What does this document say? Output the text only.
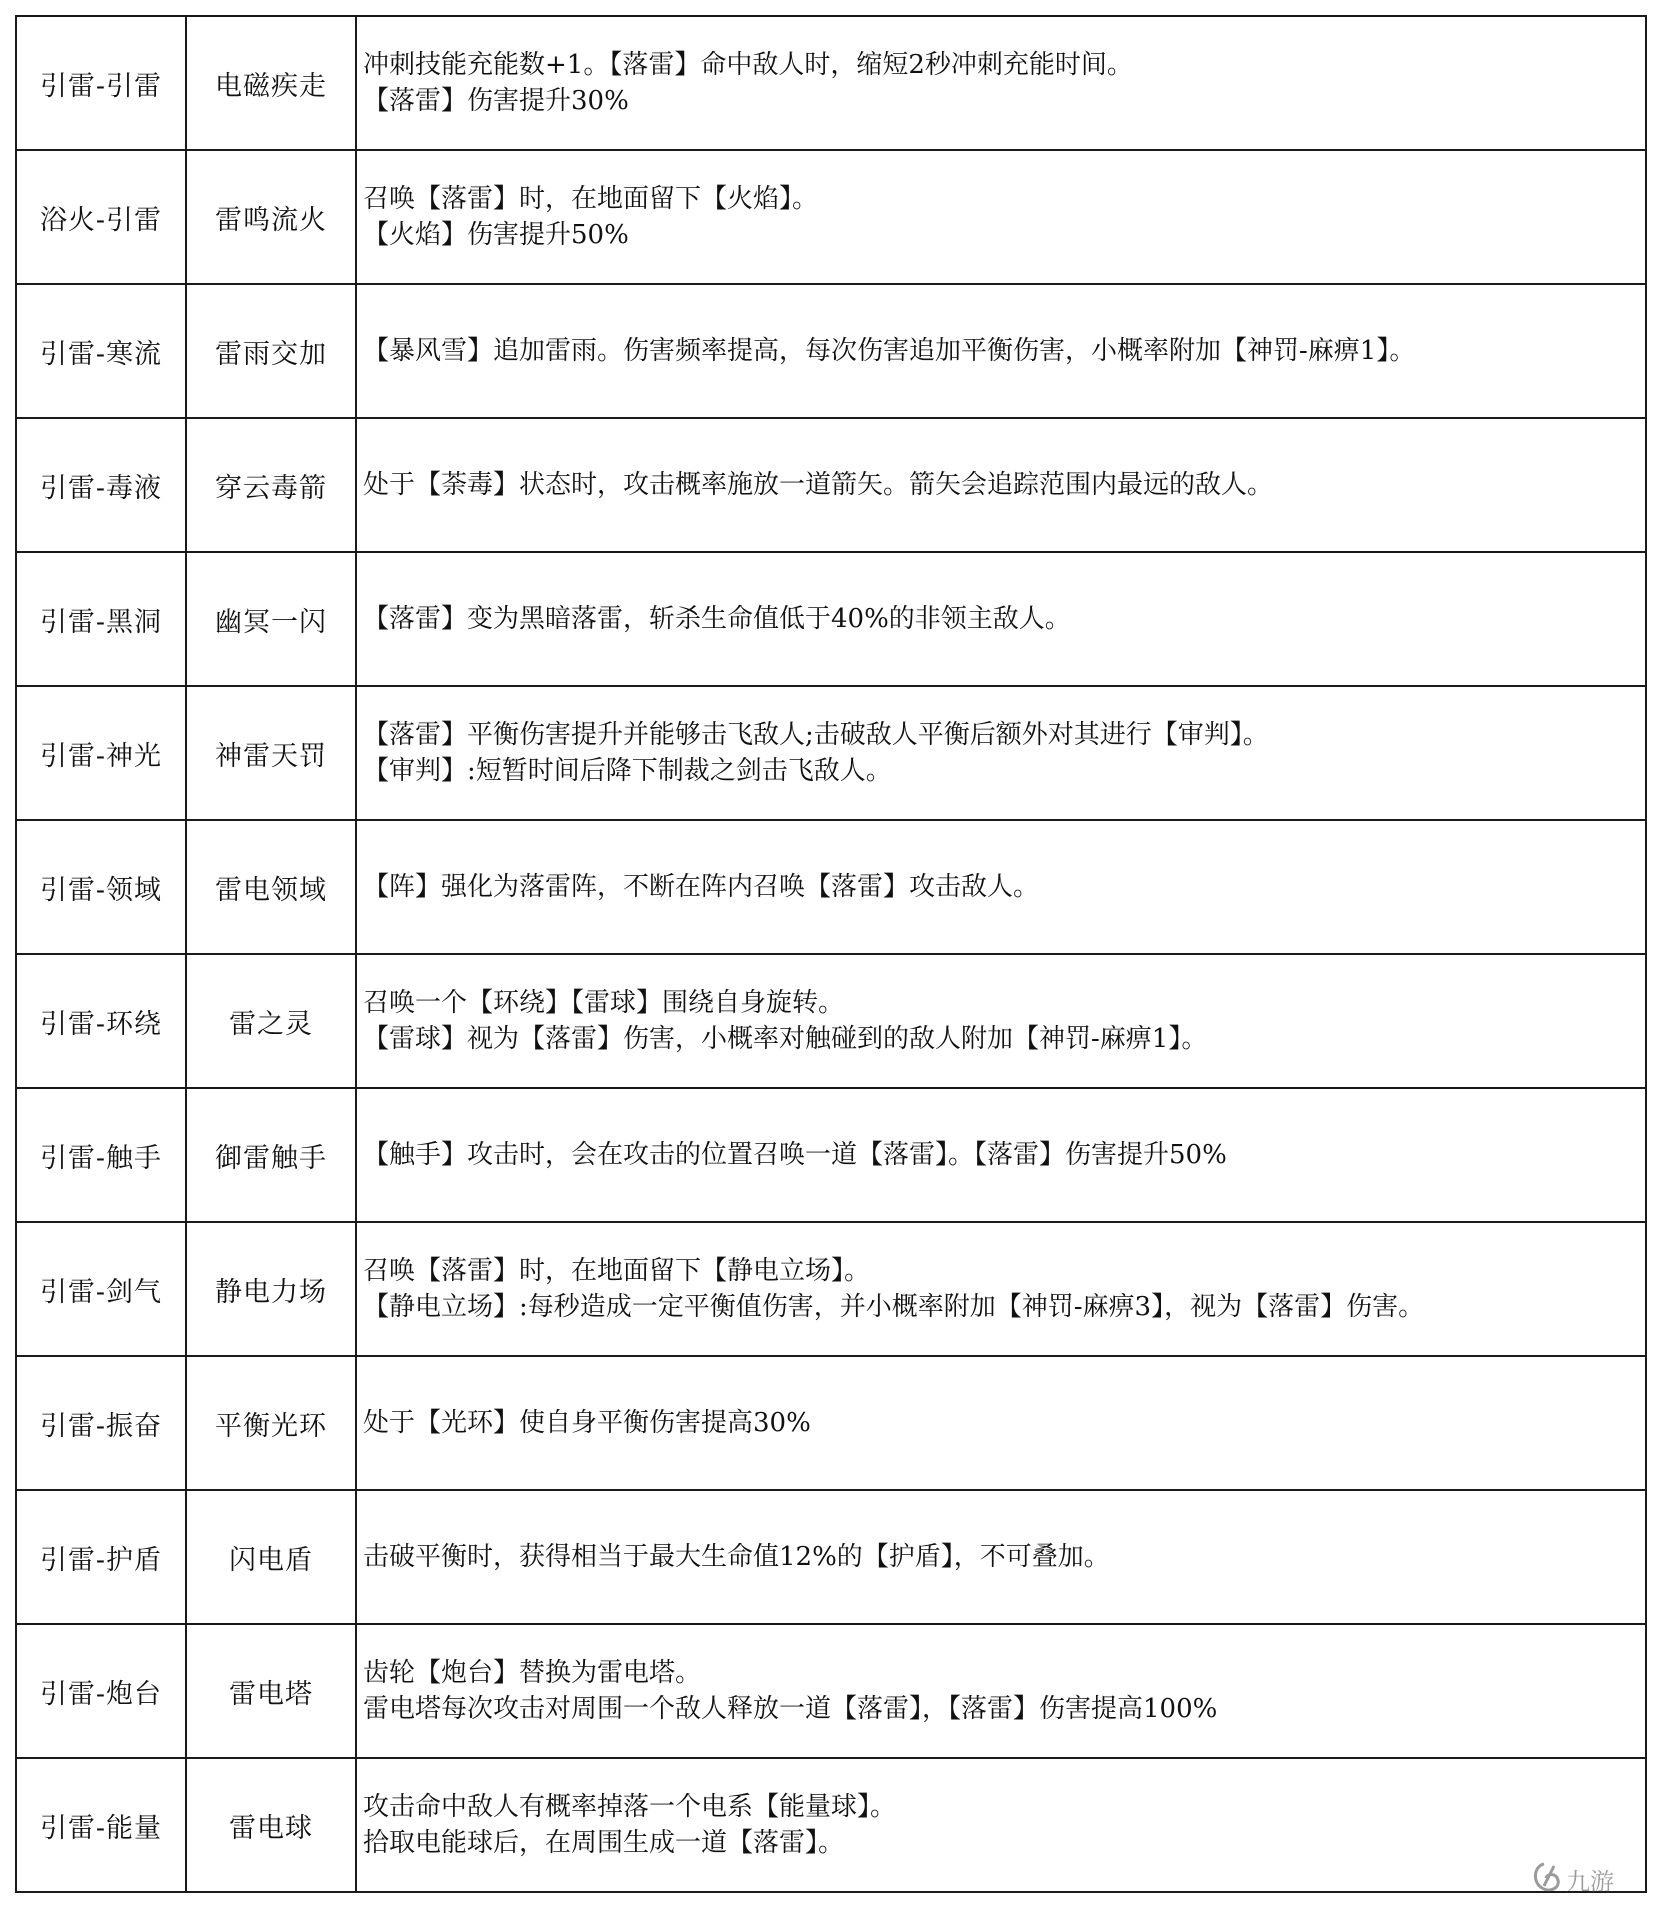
引雷-引雷	电磁疾走	冲刺技能充能数+1。【落雷】命中敌人时，缩短2秒冲刺充能时间。
【落雷】伤害提升30%

浴火-引雷	雷鸣流火	召唤【落雷】时，在地面留下【火焰】。
【火焰】伤害提升50%

引雷-寒流	雷雨交加	【暴风雪】追加雷雨。伤害频率提高，每次伤害追加平衡伤害，小概率附加【神罚-麻痹1】。

引雷-毒液	穿云毒箭	处于【荼毒】状态时，攻击概率施放一道箭矢。箭矢会追踪范围内最远的敌人。

引雷-黑洞	幽冥一闪	【落雷】变为黑暗落雷，斩杀生命值低于40%的非领主敌人。

引雷-神光	神雷天罚	【落雷】平衡伤害提升并能够击飞敌人;击破敌人平衡后额外对其进行【审判】。
【审判】:短暂时间后降下制裁之剑击飞敌人。

引雷-领域	雷电领域	【阵】强化为落雷阵，不断在阵内召唤【落雷】攻击敌人。

引雷-环绕	雷之灵	召唤一个【环绕】【雷球】围绕自身旋转。
【雷球】视为【落雷】伤害，小概率对触碰到的敌人附加【神罚-麻痹1】。

引雷-触手	御雷触手	【触手】攻击时，会在攻击的位置召唤一道【落雷】。【落雷】伤害提升50%

引雷-剑气	静电力场	召唤【落雷】时，在地面留下【静电立场】。
【静电立场】:每秒造成一定平衡值伤害，并小概率附加【神罚-麻痹3】，视为【落雷】伤害。

引雷-振奋	平衡光环	处于【光环】使自身平衡伤害提高30%

引雷-护盾	闪电盾	击破平衡时，获得相当于最大生命值12%的【护盾】，不可叠加。

引雷-炮台	雷电塔	齿轮【炮台】替换为雷电塔。
雷电塔每次攻击对周围一个敌人释放一道【落雷】，【落雷】伤害提高100%

引雷-能量	雷电球	攻击命中敌人有概率掉落一个电系【能量球】。
拾取电能球后，在周围生成一道【落雷】。
九游
